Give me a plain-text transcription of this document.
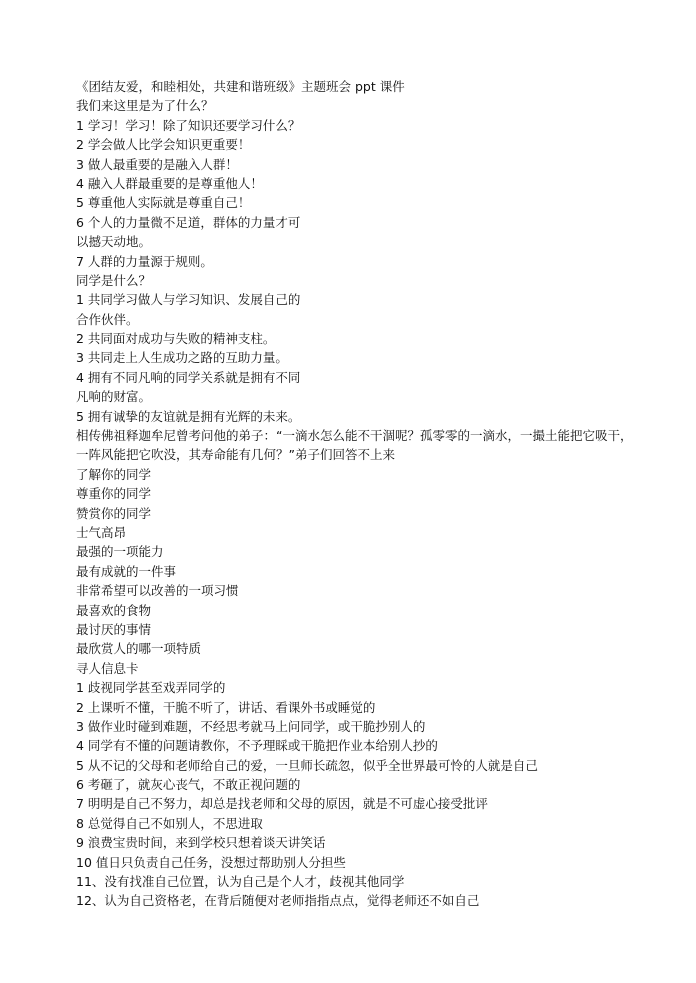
《团结友爱，和睦相处，共建和谐班级》主题班会 ppt 课件

我们来这里是为了什么？

1 学习！学习！除了知识还要学习什么？

2 学会做人比学会知识更重要！

3 做人最重要的是融入人群！

4 融入人群最重要的是尊重他人！

5 尊重他人实际就是尊重自己！

6 个人的力量微不足道，群体的力量才可

以撼天动地。

7 人群的力量源于规则。

同学是什么？

1 共同学习做人与学习知识、发展自己的

合作伙伴。

2 共同面对成功与失败的精神支柱。

3 共同走上人生成功之路的互助力量。

4 拥有不同凡响的同学关系就是拥有不同

凡响的财富。

5 拥有诚挚的友谊就是拥有光辉的未来。

相传佛祖释迦牟尼曾考问他的弟子：“一滴水怎么能不干涸呢？孤零零的一滴水，一撮土能把它吸干，一阵风能把它吹没，其寿命能有几何？”弟子们回答不上来

了解你的同学

尊重你的同学

赞赏你的同学

士气高昂

最强的一项能力

最有成就的一件事

非常希望可以改善的一项习惯

最喜欢的食物

最讨厌的事情

最欣赏人的哪一项特质

寻人信息卡

1 歧视同学甚至戏弄同学的

2 上课听不懂，干脆不听了，讲话、看课外书或睡觉的

3 做作业时碰到难题，不经思考就马上问同学，或干脆抄别人的

4 同学有不懂的问题请教你，不予理睬或干脆把作业本给别人抄的

5 从不记的父母和老师给自己的爱，一旦师长疏忽，似乎全世界最可怜的人就是自己

6 考砸了，就灰心丧气，不敢正视问题的

7 明明是自己不努力，却总是找老师和父母的原因，就是不可虚心接受批评

8 总觉得自己不如别人，不思进取

9 浪费宝贵时间，来到学校只想着谈天讲笑话

10 值日只负责自己任务，没想过帮助别人分担些

11、没有找准自己位置，认为自己是个人才，歧视其他同学

12、认为自己资格老，在背后随便对老师指指点点，觉得老师还不如自己
